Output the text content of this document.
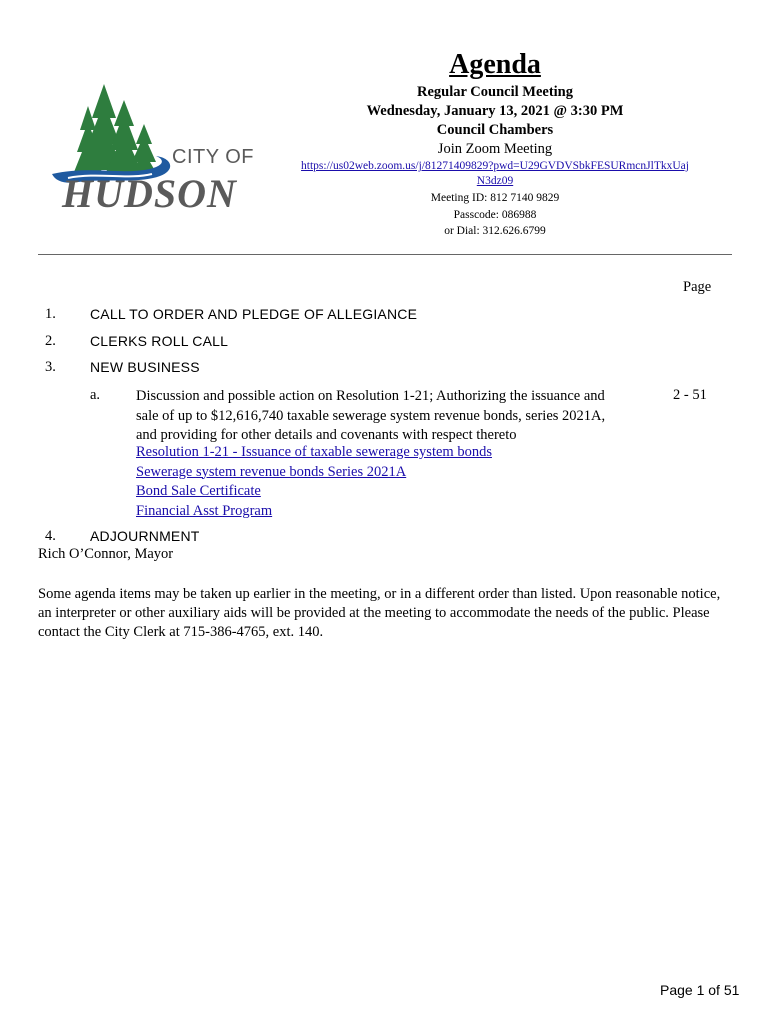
CITY OF
HUDSON
Agenda
Regular Council Meeting
Wednesday, January 13, 2021 @ 3:30 PM
Council Chambers
Join Zoom Meeting
https://us02web.zoom.us/j/81271409829?pwd=U29GVDVSbkFESURmcnJlTkxUaj
N3dz09
Meeting ID: 812 7140 9829
Passcode: 086988
or Dial: 312.626.6799
Page
1. CALL TO ORDER AND PLEDGE OF ALLEGIANCE
2. CLERKS ROLL CALL
3. NEW BUSINESS
a. Discussion and possible action on Resolution 1-21; Authorizing the issuance and sale of up to $12,616,740 taxable sewerage system revenue bonds, series 2021A, and providing for other details and covenants with respect thereto
2 - 51
Resolution 1-21 - Issuance of taxable sewerage system bonds
Sewerage system revenue bonds Series 2021A
Bond Sale Certificate
Financial Asst Program
4. ADJOURNMENT
Rich O’Connor, Mayor
Some agenda items may be taken up earlier in the meeting, or in a different order than listed. Upon reasonable notice, an interpreter or other auxiliary aids will be provided at the meeting to accommodate the needs of the public. Please contact the City Clerk at 715-386-4765, ext. 140.
Page 1 of 51
